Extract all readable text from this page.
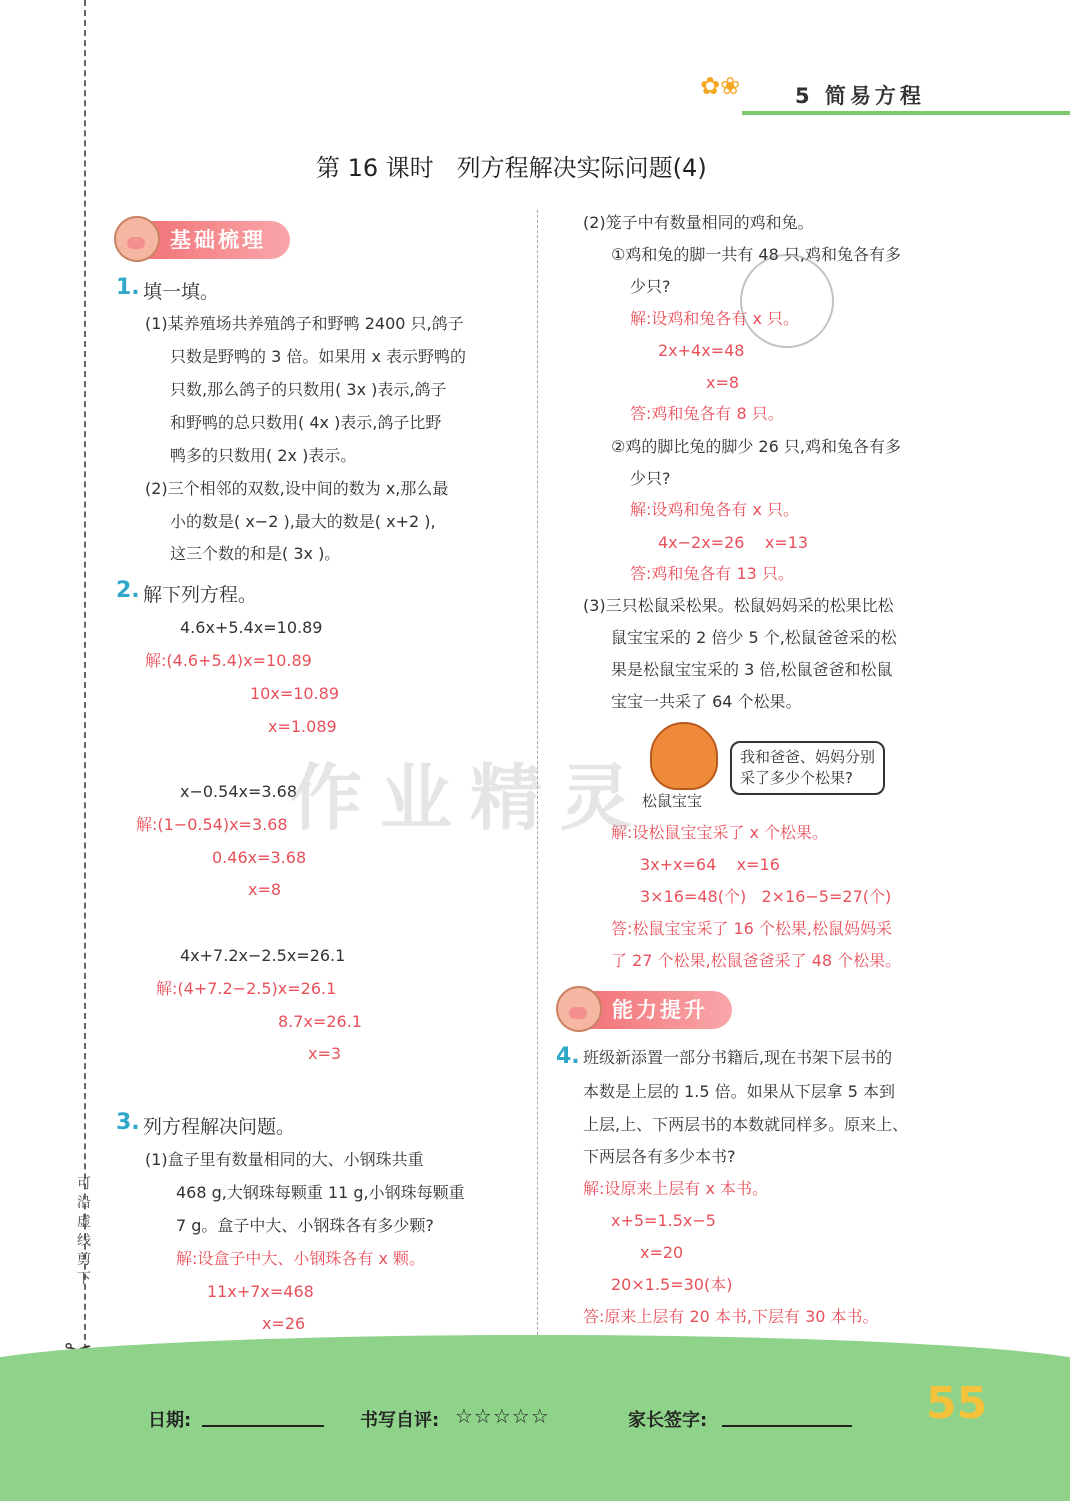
✿❀	5 简易方程
第 16 课时   列方程解决实际问题(4)
可
沿
虚
线
剪
下
基础梳理
1. 填一填。
(1)某养殖场共养殖鸽子和野鸭 2400 只,鸽子
只数是野鸭的 3 倍。如果用 x 表示野鸭的
只数,那么鸽子的只数用( 3x )表示,鸽子
和野鸭的总只数用( 4x )表示,鸽子比野
鸭多的只数用( 2x )表示。
(2)三个相邻的双数,设中间的数为 x,那么最
小的数是( x−2 ),最大的数是( x+2 ),
这三个数的和是( 3x )。
2. 解下列方程。
4.6x+5.4x=10.89
解:(4.6+5.4)x=10.89
10x=10.89
x=1.089
x−0.54x=3.68
解:(1−0.54)x=3.68
0.46x=3.68
x=8
4x+7.2x−2.5x=26.1
解:(4+7.2−2.5)x=26.1
8.7x=26.1
x=3
3. 列方程解决问题。
(1)盒子里有数量相同的大、小钢珠共重
468 g,大钢珠每颗重 11 g,小钢珠每颗重
7 g。盒子中大、小钢珠各有多少颗?
解:设盒子中大、小钢珠各有 x 颗。
11x+7x=468
x=26
(2)笼子中有数量相同的鸡和兔。
①鸡和兔的脚一共有 48 只,鸡和兔各有多
少只?
解:设鸡和兔各有 x 只。
2x+4x=48
x=8
答:鸡和兔各有 8 只。
②鸡的脚比兔的脚少 26 只,鸡和兔各有多
少只?
解:设鸡和兔各有 x 只。
4x−2x=26    x=13
答:鸡和兔各有 13 只。
(3)三只松鼠采松果。松鼠妈妈采的松果比松
鼠宝宝采的 2 倍少 5 个,松鼠爸爸采的松
果是松鼠宝宝采的 3 倍,松鼠爸爸和松鼠
宝宝一共采了 64 个松果。
我和爸爸、妈妈分别
采了多少个松果?
松鼠宝宝
解:设松鼠宝宝采了 x 个松果。
3x+x=64    x=16
3×16=48(个)   2×16−5=27(个)
答:松鼠宝宝采了 16 个松果,松鼠妈妈采
了 27 个松果,松鼠爸爸采了 48 个松果。
能力提升
4. 班级新添置一部分书籍后,现在书架下层书的
本数是上层的 1.5 倍。如果从下层拿 5 本到
上层,上、下两层书的本数就同样多。原来上、
下两层各有多少本书?
解:设原来上层有 x 本书。
x+5=1.5x−5
x=20
20×1.5=30(本)
答:原来上层有 20 本书,下层有 30 本书。
作业精灵
日期:	书写自评: ☆☆☆☆☆	家长签字:	55
